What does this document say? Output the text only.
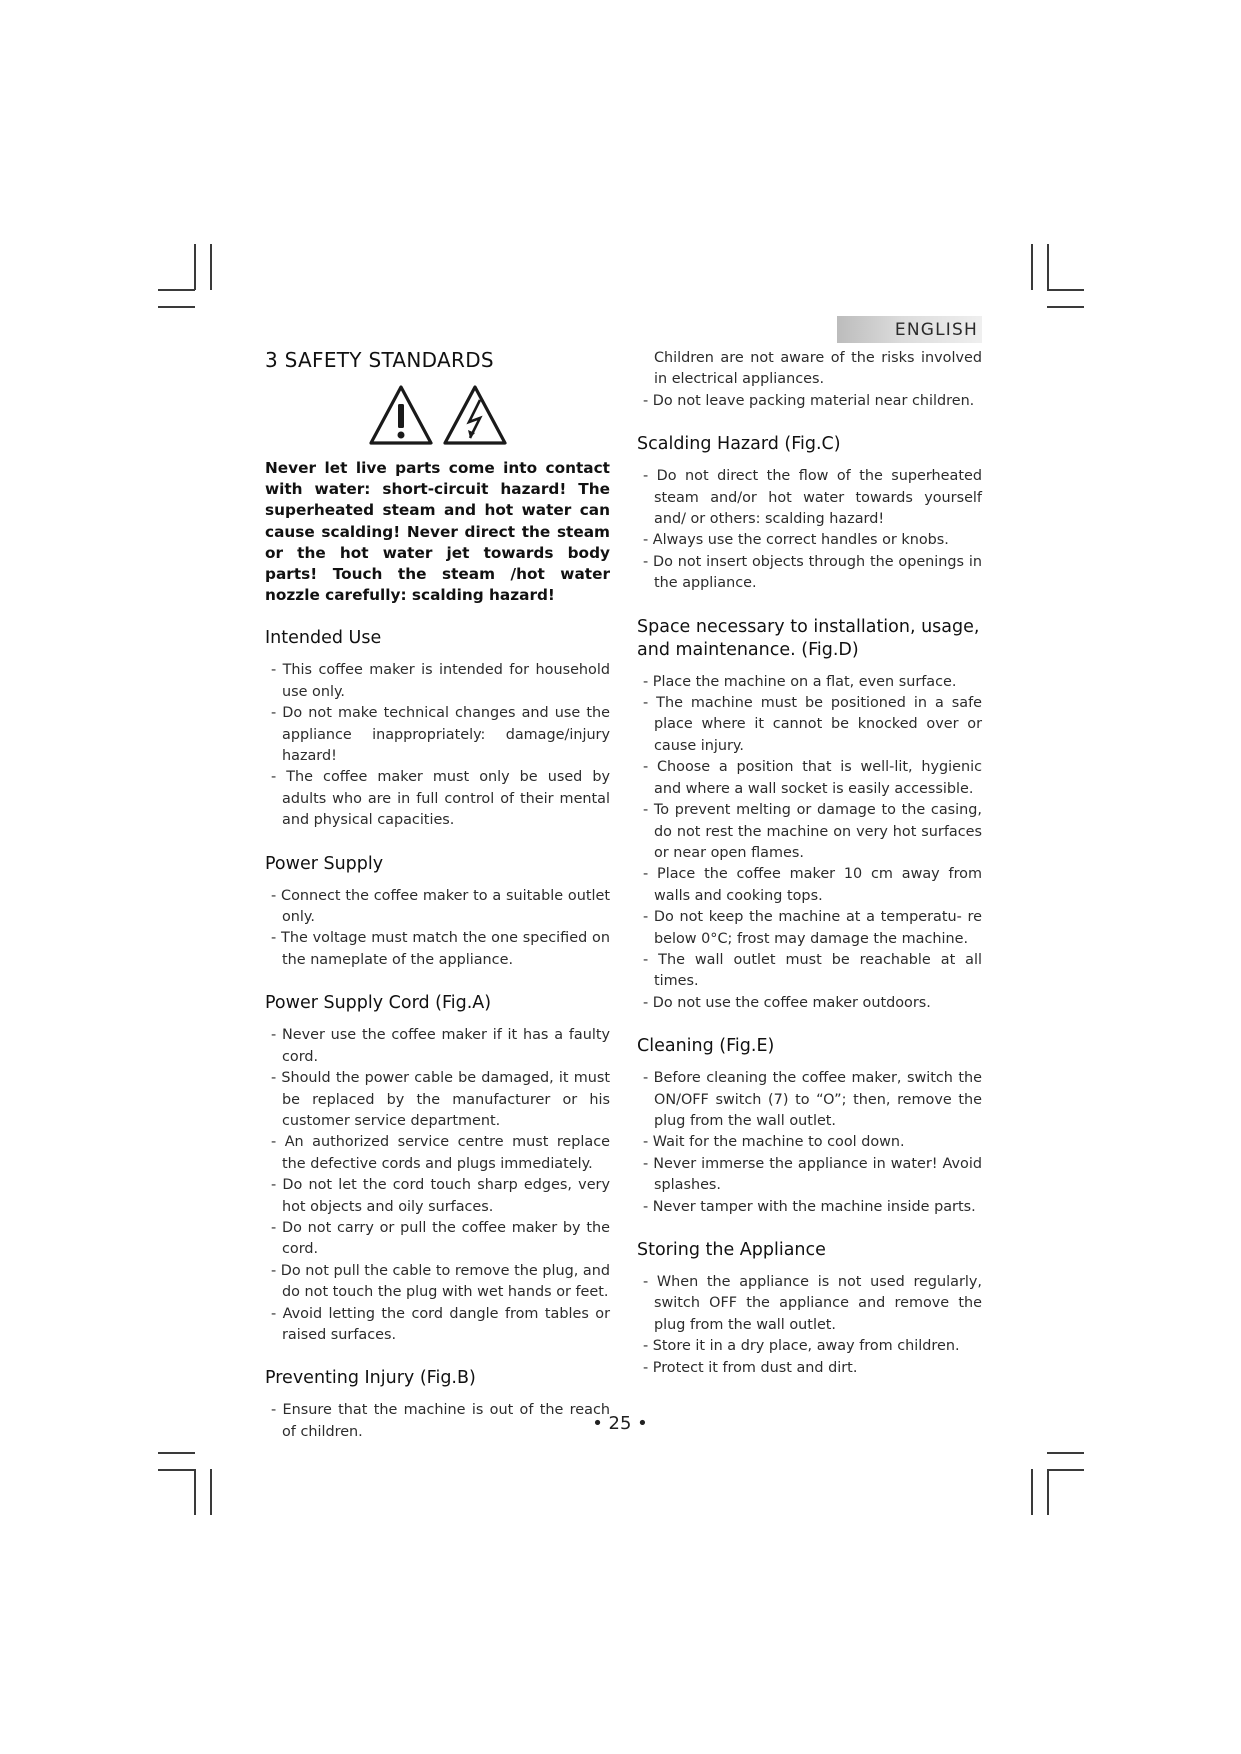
ENGLISH
3 SAFETY STANDARDS

Never let live parts come into contact with water: short-circuit hazard! The superheated steam and hot water can cause scalding! Never direct the steam or the hot water jet towards body parts! Touch the steam /hot water nozzle carefully: scalding hazard!

Intended Use
- This coffee maker is intended for household use only.
- Do not make technical changes and use the appliance inappropriately: damage/injury hazard!
- The coffee maker must only be used by adults who are in full control of their mental and physical capacities.
Power Supply
- Connect the coffee maker to a suitable outlet only.
- The voltage must match the one specified on the nameplate of the appliance.
Power Supply Cord (Fig.A)
- Never use the coffee maker if it has a faulty cord.
- Should the power cable be damaged, it must be replaced by the manufacturer or his customer service department.
- An authorized service centre must replace the defective cords and plugs immediately.
- Do not let the cord touch sharp edges, very hot objects and oily surfaces.
- Do not carry or pull the coffee maker by the cord.
- Do not pull the cable to remove the plug, and do not touch the plug with wet hands or feet.
- Avoid letting the cord dangle from tables or raised surfaces.
Preventing Injury (Fig.B)
- Ensure that the machine is out of the reach of children.

Children are not aware of the risks involved in electrical appliances.

- Do not leave packing material near children.
Scalding Hazard (Fig.C)
- Do not direct the flow of the superheated steam and/or hot water towards yourself and/ or others: scalding hazard!
- Always use the correct handles or knobs.
- Do not insert objects through the openings in the appliance.
Space necessary to installation, usage, and maintenance. (Fig.D)
- Place the machine on a flat, even surface.
- The machine must be positioned in a safe place where it cannot be knocked over or cause injury.
- Choose a position that is well-lit, hygienic and where a wall socket is easily accessible.
- To prevent melting or damage to the casing, do not rest the machine on very hot surfaces or near open flames.
- Place the coffee maker 10 cm away from walls and cooking tops.
- Do not keep the machine at a temperatu- re below 0°C; frost may damage the machine.
- The wall outlet must be reachable at all times.
- Do not use the coffee maker outdoors.
Cleaning (Fig.E)
- Before cleaning the coffee maker, switch the ON/OFF switch (7) to “O”; then, remove the plug from the wall outlet.
- Wait for the machine to cool down.
- Never immerse the appliance in water! Avoid splashes.
- Never tamper with the machine inside parts.
Storing the Appliance
- When the appliance is not used regularly, switch OFF the appliance and remove the plug from the wall outlet.
- Store it in a dry place, away from children.
- Protect it from dust and dirt.
• 25 •
